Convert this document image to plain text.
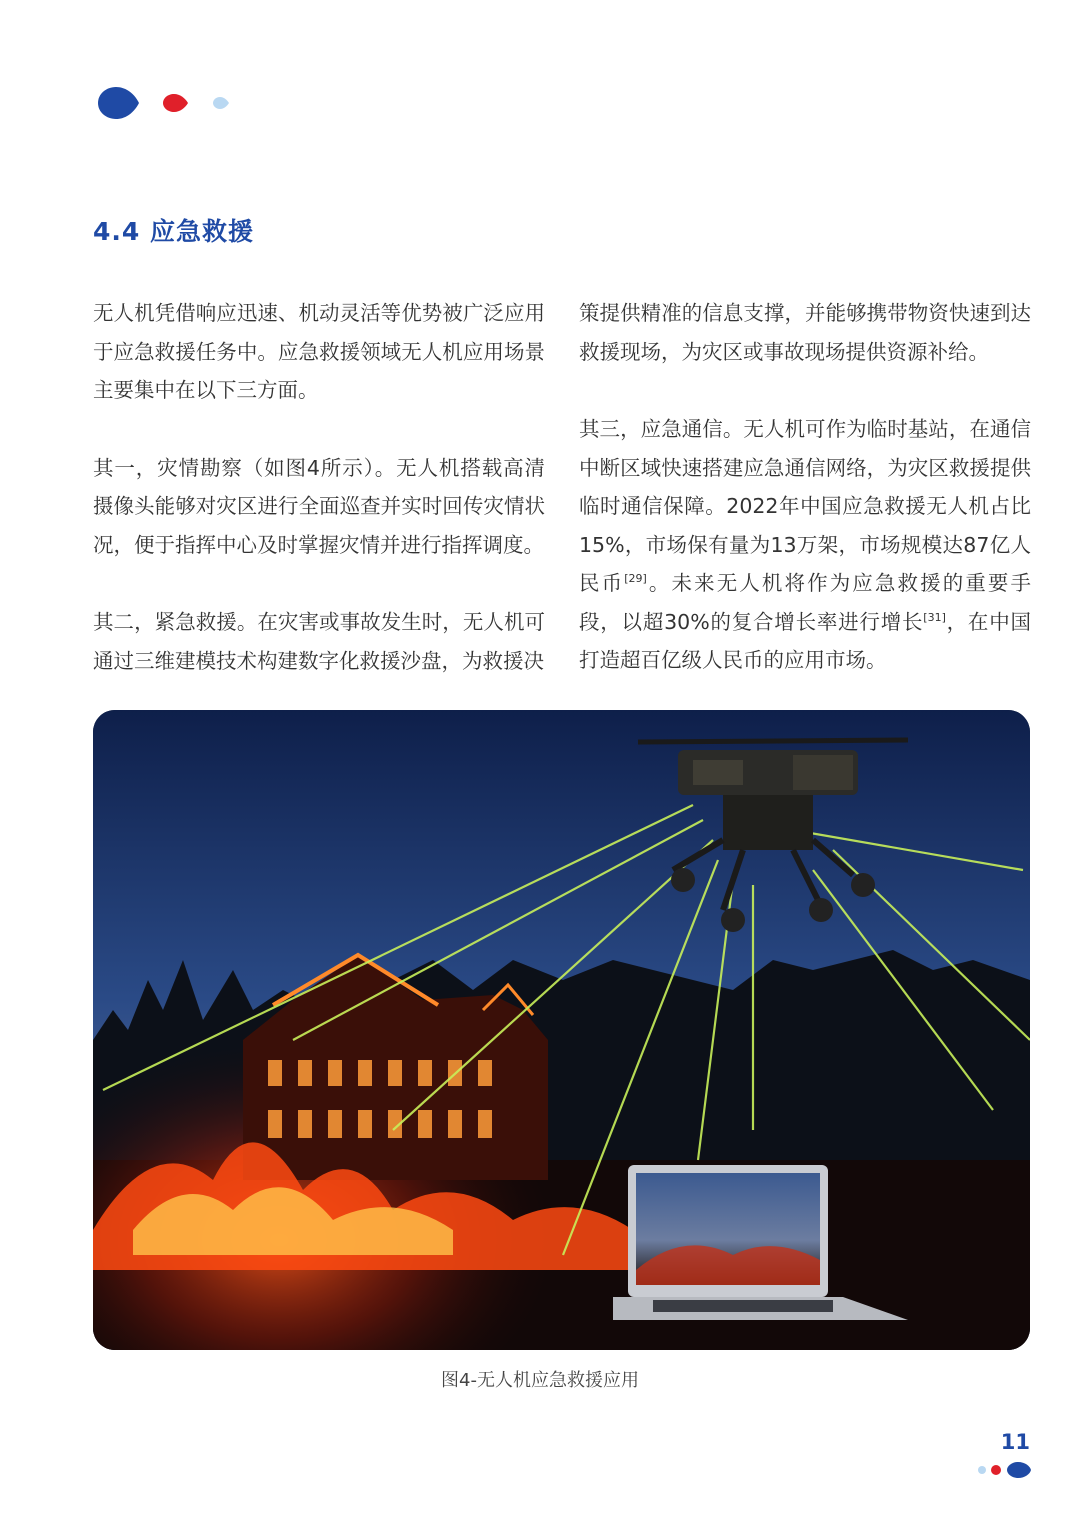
4.4 应急救援

无人机凭借响应迅速、机动灵活等优势被广泛应用于应急救援任务中。应急救援领域无人机应用场景主要集中在以下三方面。

其一，灾情勘察（如图4所示）。无人机搭载高清摄像头能够对灾区进行全面巡查并实时回传灾情状况，便于指挥中心及时掌握灾情并进行指挥调度。

其二，紧急救援。在灾害或事故发生时，无人机可通过三维建模技术构建数字化救援沙盘，为救援决

策提供精准的信息支撑，并能够携带物资快速到达救援现场，为灾区或事故现场提供资源补给。

其三，应急通信。无人机可作为临时基站，在通信中断区域快速搭建应急通信网络，为灾区救援提供临时通信保障。2022年中国应急救援无人机占比15%，市场保有量为13万架，市场规模达87亿人民币[29]。未来无人机将作为应急救援的重要手段，以超30%的复合增长率进行增长[31]，在中国打造超百亿级人民币的应用市场。

图4-无人机应急救援应用
11
